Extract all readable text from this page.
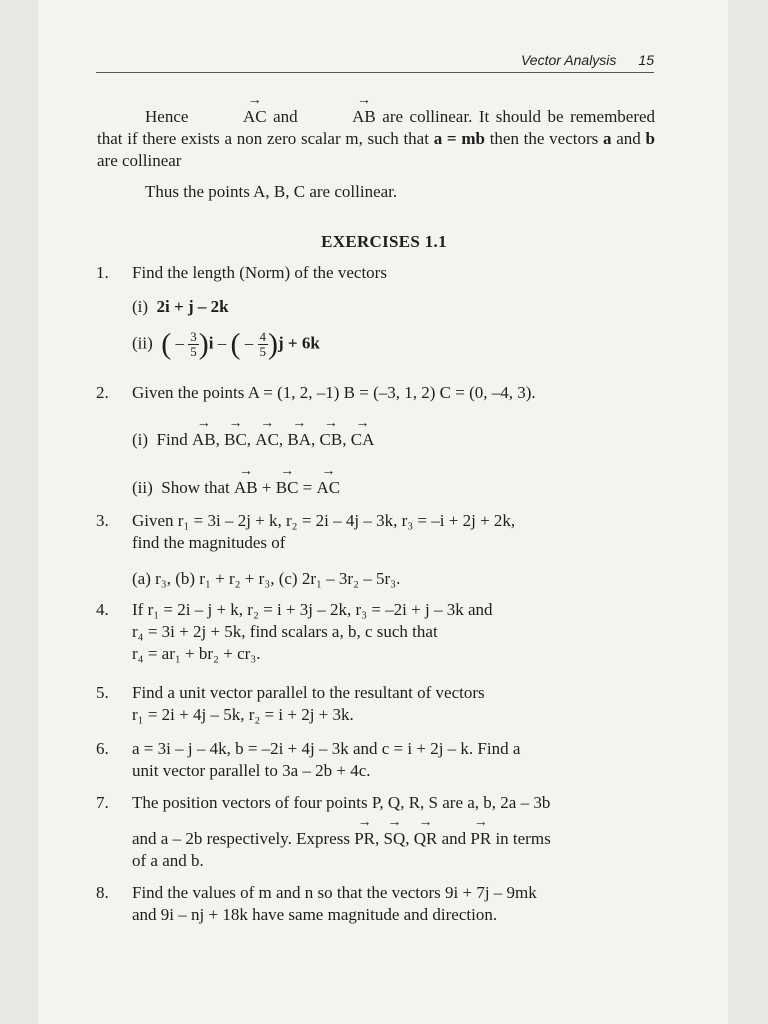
Vector Analysis 15
Hence	→ AC and	→ AB are collinear. It should be remembered that if there exists a non zero scalar m, such that a = mb then the vectors a and b are collinear
Thus the points A, B, C are collinear.
EXERCISES 1.1
1.	Find the length (Norm) of the vectors
(i) 2i + j – 2k
(ii) ( – $\frac{3}{5} )i$ – ( – $\frac{4}{5} )j + 6k$
2.	Given the points A = (1, 2, –1) B = (–3, 1, 2) C = (0, –4, 3).
(i) Find → AB, → BC, → AC, → BA, → CB, → CA
(ii) Show that → AB + → BC = → AC
3.	Given r₁ = 3i – 2j + k, r₂ = 2i – 4j – 3k, r₃ = –i + 2j + 2k,
find the magnitudes of
(a) r₃, (b) r₁ + r₂ + r₃, (c) 2r₁ – 3r₂ – 5r₃.
4.	If r₁ = 2i – j + k, r₂ = i + 3j – 2k, r₃ = –2i + j – 3k and
r₄ = 3i + 2j + 5k, find scalars a, b, c such that
r₄ = ar₁ + br₂ + cr₃.
5.	Find a unit vector parallel to the resultant of vectors
r₁ = 2i + 4j – 5k, r₂ = i + 2j + 3k.
6.	a = 3i – j – 4k, b = –2i + 4j – 3k and c = i + 2j – k. Find a
unit vector parallel to 3a – 2b + 4c.
7.	The position vectors of four points P, Q, R, S are a, b, 2a – 3b
and a – 2b respectively. Express → PR, → SQ, → QR and → PR in terms
of a and b.
8.	Find the values of m and n so that the vectors 9i + 7j – 9mk
and 9i – nj + 18k have same magnitude and direction.
